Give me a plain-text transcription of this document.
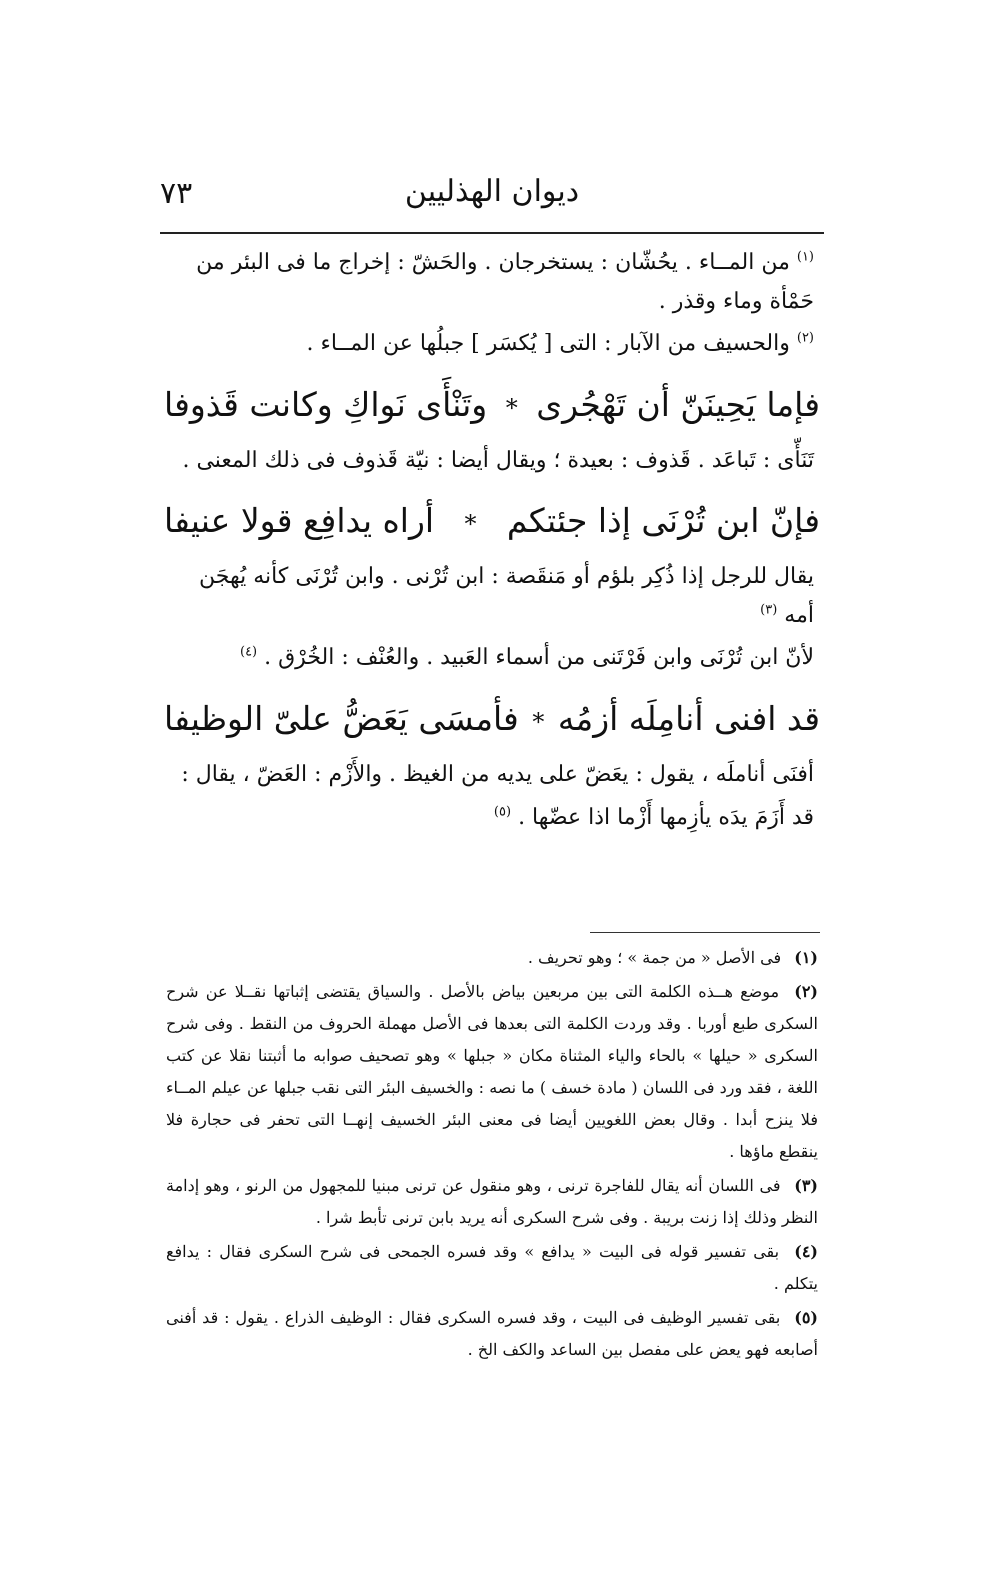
٧٣	ديوان الهذليين

$^{(١)}$ من المــاء . يحُشّان : يستخرجان . والحَشّ : إخراج ما فى البئر من حَمْأة وماء وقذر .

$^{(٢)}$ والحسيف من الآبار : التى [ يُكسَر ] جبلُها عن المــاء .

فإما يَحِينَنّ أن تَهْجُرى
*
وتَنْأَى نَواكِ وكانت قَذوفا

تَنَأّى : تَباعَد . قَذوف : بعيدة ؛ ويقال أيضا : نيّة قَذوف فى ذلك المعنى .

فإنّ ابن تُرْنَى إذا جئتكم
*
أراه يدافِع قولا عنيفا

يقال للرجل إذا ذُكِر بلؤم أو مَنقَصة : ابن تُرْنى . وابن تُرْنَى كأنه يُهجَن أمه $^{(٣)}$

لأنّ ابن تُرْنَى وابن فَرْتَنى من أسماء العَبيد . والعُنْف : الخُرْق . $^{(٤)}$

قد افنى أنامِلَه أزمُه
*
فأمسَى يَعَضُّ علىّ الوظيفا

أفنَى أناملَه ، يقول : يعَضّ على يديه من الغيظ . والأَزْم : العَضّ ، يقال :

قد أَزَمَ يدَه يأزِمها أَزْما اذا عضّها . $^{(٥)}$

(١) فى الأصل « من جمة » ؛ وهو تحريف .

(٢) موضع هــذه الكلمة التى بين مربعين بياض بالأصل . والسياق يقتضى إثباتها نقــلا عن شرح السكرى طبع أوربا . وقد وردت الكلمة التى بعدها فى الأصل مهملة الحروف من النقط . وفى شرح السكرى « حيلها » بالحاء والياء المثناة مكان « جبلها » وهو تصحيف صوابه ما أثبتنا نقلا عن كتب اللغة ، فقد ورد فى اللسان ( مادة خسف ) ما نصه : والخسيف البئر التى نقب جبلها عن عيلم المــاء فلا ينزح أبدا . وقال بعض اللغويين أيضا فى معنى البئر الخسيف إنهــا التى تحفر فى حجارة فلا ينقطع ماؤها .

(٣) فى اللسان أنه يقال للفاجرة ترنى ، وهو منقول عن ترنى مبنيا للمجهول من الرنو ، وهو إدامة النظر وذلك إذا زنت بريبة . وفى شرح السكرى أنه يريد بابن ترنى تأبط شرا .

(٤) بقى تفسير قوله فى البيت « يدافع » وقد فسره الجمحى فى شرح السكرى فقال : يدافع يتكلم .

(٥) بقى تفسير الوظيف فى البيت ، وقد فسره السكرى فقال : الوظيف الذراع . يقول : قد أفنى أصابعه فهو يعض على مفصل بين الساعد والكف الخ .
